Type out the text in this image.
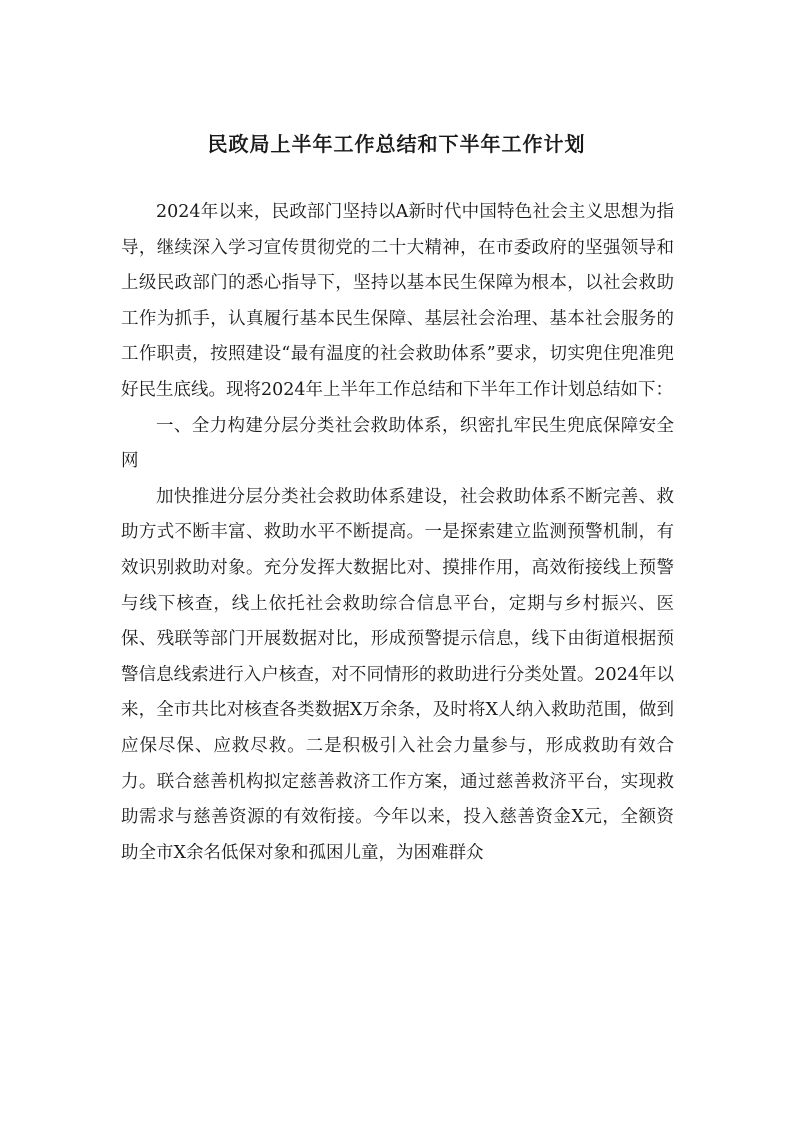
民政局上半年工作总结和下半年工作计划

2024年以来，民政部门坚持以A新时代中国特色社会主义思想为指导，继续深入学习宣传贯彻党的二十大精神，在市委政府的坚强领导和上级民政部门的悉心指导下，坚持以基本民生保障为根本，以社会救助工作为抓手，认真履行基本民生保障、基层社会治理、基本社会服务的工作职责，按照建设“最有温度的社会救助体系”要求，切实兜住兜准兜好民生底线。现将2024年上半年工作总结和下半年工作计划总结如下：

一、全力构建分层分类社会救助体系，织密扎牢民生兜底保障安全网

加快推进分层分类社会救助体系建设，社会救助体系不断完善、救助方式不断丰富、救助水平不断提高。一是探索建立监测预警机制，有效识别救助对象。充分发挥大数据比对、摸排作用，高效衔接线上预警与线下核查，线上依托社会救助综合信息平台，定期与乡村振兴、医保、残联等部门开展数据对比，形成预警提示信息，线下由街道根据预警信息线索进行入户核查，对不同情形的救助进行分类处置。2024年以来，全市共比对核查各类数据X万余条，及时将X人纳入救助范围，做到应保尽保、应救尽救。二是积极引入社会力量参与，形成救助有效合力。联合慈善机构拟定慈善救济工作方案，通过慈善救济平台，实现救助需求与慈善资源的有效衔接。今年以来，投入慈善资金X元，全额资助全市X余名低保对象和孤困儿童，为困难群众
